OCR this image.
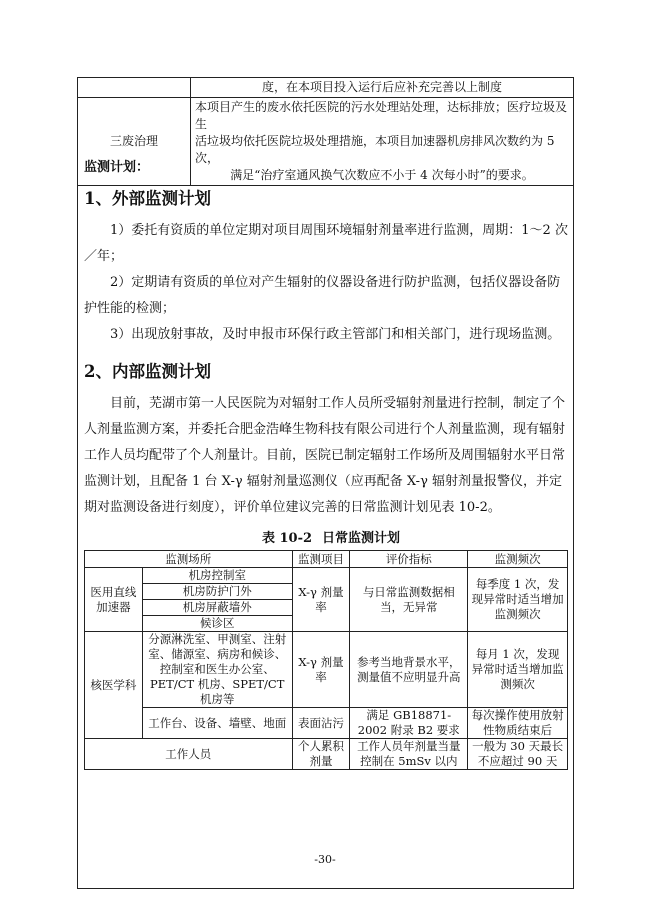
	度，在本项目投入运行后应补充完善以上制度
三废治理	本项目产生的废水依托医院的污水处理站处理，达标排放；医疗垃圾及生
活垃圾均依托医院垃圾处理措施，本项目加速器机房排风次数约为 5 次，
满足“治疗室通风换气次数应不小于 4 次每小时”的要求。
监测计划：
1、外部监测计划

1）委托有资质的单位定期对项目周围环境辐射剂量率进行监测，周期：1～2 次／年；

2）定期请有资质的单位对产生辐射的仪器设备进行防护监测，包括仪器设备防护性能的检测；

3）出现放射事故，及时申报市环保行政主管部门和相关部门，进行现场监测。

2、内部监测计划

目前，芜湖市第一人民医院为对辐射工作人员所受辐射剂量进行控制，制定了个人剂量监测方案，并委托合肥金浩峰生物科技有限公司进行个人剂量监测，现有辐射工作人员均配带了个人剂量计。目前，医院已制定辐射工作场所及周围辐射水平日常监测计划，且配备 1 台 X-γ 辐射剂量巡测仪（应再配备 X-γ 辐射剂量报警仪，并定期对监测设备进行刻度），评价单位建议完善的日常监测计划见表 10-2。

表 10-2 日常监测计划
监测场所		监测项目	评价指标	监测频次
医用直线加速器	机房控制室	X-γ 剂量率	与日常监测数据相当，无异常	每季度 1 次，发现异常时适当增加监测频次
	机房防护门外			
	机房屏蔽墙外			
	候诊区			
核医学科	分源淋洗室、甲测室、注射室、储源室、病房和候诊、控制室和医生办公室、PET/CT 机房、SPET/CT 机房等	X-γ 剂量率	参考当地背景水平，测量值不应明显升高	每月 1 次，发现异常时适当增加监测频次
	工作台、设备、墙壁、地面	表面沾污	满足 GB18871-2002 附录 B2 要求	每次操作使用放射性物质结束后
工作人员		个人累积剂量	工作人员年剂量当量控制在 5mSv 以内	一般为 30 天最长不应超过 90 天
-30-
